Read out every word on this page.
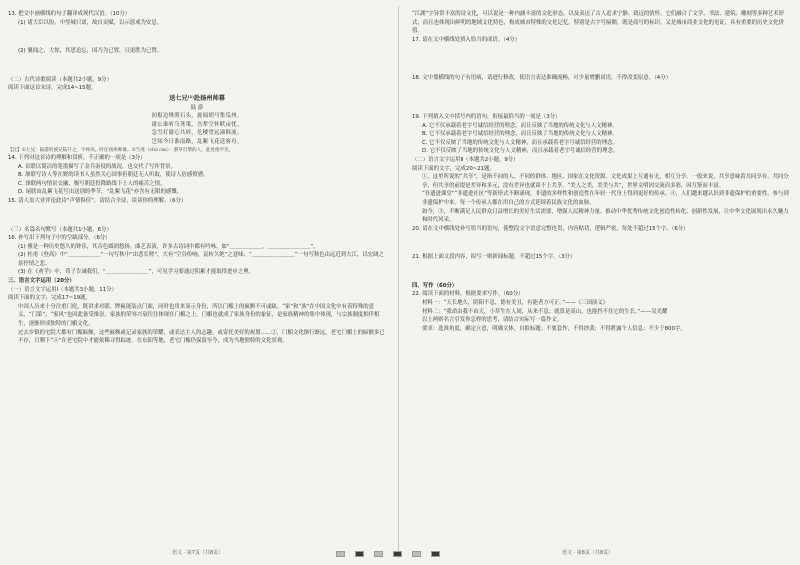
13. 把文中画横线的句子翻译成现代汉语。（10分）
(1) 诸大臣以协，中竖城只诺，故自贡赋，以示惩戒为安息。
(2) 翼闻之，大惊，其思追忘，国乃为已置，且更胜为已置。
（二）古代诗歌阅读（本题共2小题，9分）
阅读下面这首宋诗，完成14~15题。
送七兄⁽¹⁾赴扬州帅幕
陆 游
初报边烽照石头，旋闻胡马集瓜州。
诸公谁听刍荛策，吾辈空怀畎亩忧。
急雪打窗心共碎，危楼望远涕俱流。
岂知今日淮南路，乱絮飞花送客舟。
【注】①七兄：陆游的族兄陆升之，字仲高。时任扬州帅幕。②刍荛（chú ráo）：割草打柴的人，此处指平民。
14. 下列对这首诗的理解和赏析，不正确的一项是（3分）
A. 首联以简洁的笔墨描写了金兵南侵的战况，也交代了写作背景。
B. 颔联写诗人等在野的读书人虽然关心国事但朝廷无人听取，使诗人倍感愤懑。
C. 颈联两句情景交融，极写朝廷投降路线下士人的痛苦之情。
D. 尾联由乱絮飞花写出送别的季节，“乱絮飞花”亦含有无限的感慨。
15. 清人翁大业评论此诗“声情俱佳”，请结合全诗，谈谈你的理解。（6分）
（三）名篇名句默写（本题共1小题，6分）
16. 补写出下列句子中的空缺部分。（6分）
(1) 雅是一种历史悠久的钟乐，其音色圆润悠扬。曲艺表演，许多古诗词中都有吟咏。如“＿＿＿＿＿＿，＿＿＿＿＿＿＿＿”。
(2) 杜甫《登高》中“＿＿＿＿＿＿”一句写秋中“由悲长嗟”，大有“空谷传响，哀转久绝”之意味；“＿＿＿＿＿＿＿＿”一句写秋色由远近到大江，以宏阔之景抒情之悲。
(3) 在《劝学》中，荀子告诫我们，“＿＿＿＿＿＿＿＿”，可见学习要通过积累才能取得进步之理。
三、语言文字运用（20分）
（一）语言文字运用Ⅰ（本题共3小题，11分）
阅读下面的文字，完成17~19题。
中国人历来十分注重门庭，既讲求对联、牌匾能装点门面，同时也用来显示身份，所以门楣上的匾额不可或缺。“家”和“族”在中国文化中有着特殊的意义，“门第”、“家风”也因此备受推崇。家族的荣辱兴衰往往体现在门楣之上，门楣也就成了家族身份的象征，是家族精神的集中体现，与宗族制度相伴相生，逐渐形成独特的门楣文化。
过去乡镇的宅院大都有门楣匾额，这些匾额或记录家族的荣耀，或表达主人的志趣，或寄托美好的祝愿……②，门楣文化渐行渐远，老宅门楣上的匾额多已不存，只剩下“④”在老宅院中才能依稀寻得踪迹。在东阳等地，老宅门楣仍保留至今，成为当地独特的文化景观。
“江湖”字异常丰富的诗文化，可以说是一种内涵丰富的文化形态，以及表达了古人追求宁静、致远的情怀。它们融合了文学、书法、建筑、雕刻等多种艺术形式，而且也体现出鲜明的地域文化特色，构成城市特殊的文化记忆。特别是古字号匾额，既是商号的标识，又是城市商业文化的见证，具有重要的历史文化价值。
17. 请在文中横线处填入恰当的成语。（4分）
18. 文中划横线的句子有语病，请进行修改，使语言表达准确流畅，可少量增删词语，不得改变原意。（4分）
19. 下列填入文中括号内的语句，衔接最恰当的一项是（3分）
A. 它不仅承载着老字号诚信经营的理念，而且反映了当地的传统文化与人文精神。
B. 它不仅承载着老字号诚信经营的理念，而且反映了当地的传统文化与人文精神。
C. 它不仅反映了当地的传统文化与人文精神，而且承载着老字号诚信经营的理念。
D. 它不仅反映了当地的传统文化与人文精神，而且承载着老字号诚信经营的理念。
（二）语言文字运用Ⅱ（本题共2小题，9分）
阅读下面的文字，完成20~21题。
①，这里所说的“共享”，是指不同的人、不同的群体、地区、国家在文化资源、文化成果上互通有无，相互分享。一般来说，共享意味着共同享有、共同分享，但共享的前提是差异和多元，没有差异也就谈不上共享。“美人之美，美美与共”，世界文明因交流而多彩，因互鉴而丰富。
“非遗进课堂”“非遗进社区”等新形式不断涌现，非遗的多样性和创造性在年轻一代身上得到更好的传承。④，人们越来越认识到非遗保护的重要性，参与到非遗保护中来。每一个传承人都在用自己的方式延续着民族文化的血脉。
如今，③，不断满足人民群众日益增长的美好生活需要，增强人民精神力量。推动中华优秀传统文化创造性转化、创新性发展，让中华文化展现出永久魅力和时代风采。
20. 请在文中横线处补写恰当的语句，使整段文字语意完整连贯，内容贴切，逻辑严密，每处不超过15个字。（6分）
21. 根据上面文段内容，拟写一则新闻标题，不超过15个字。（3分）
四、写作（60分）
22. 阅读下面的材料，根据要求写作。（60分）
材料一：“天长地久，阴阳不息，德有美丑，有能者方可正。”——《三国演义》
材料二：“我命由我不由天，小草生在人间，从来不息；就算是高山，也能挡不住它的生长。”——吴光耀
以上两则名言引发你怎样的思考，请结合实际写一篇作文。
要求：选准角度，确定立意，明确文体，自拟标题；不要套作，不得抄袭；不得泄露个人信息；不少于800字。
语文 · 第7页（共8页）	语文 · 第8页（共8页）
